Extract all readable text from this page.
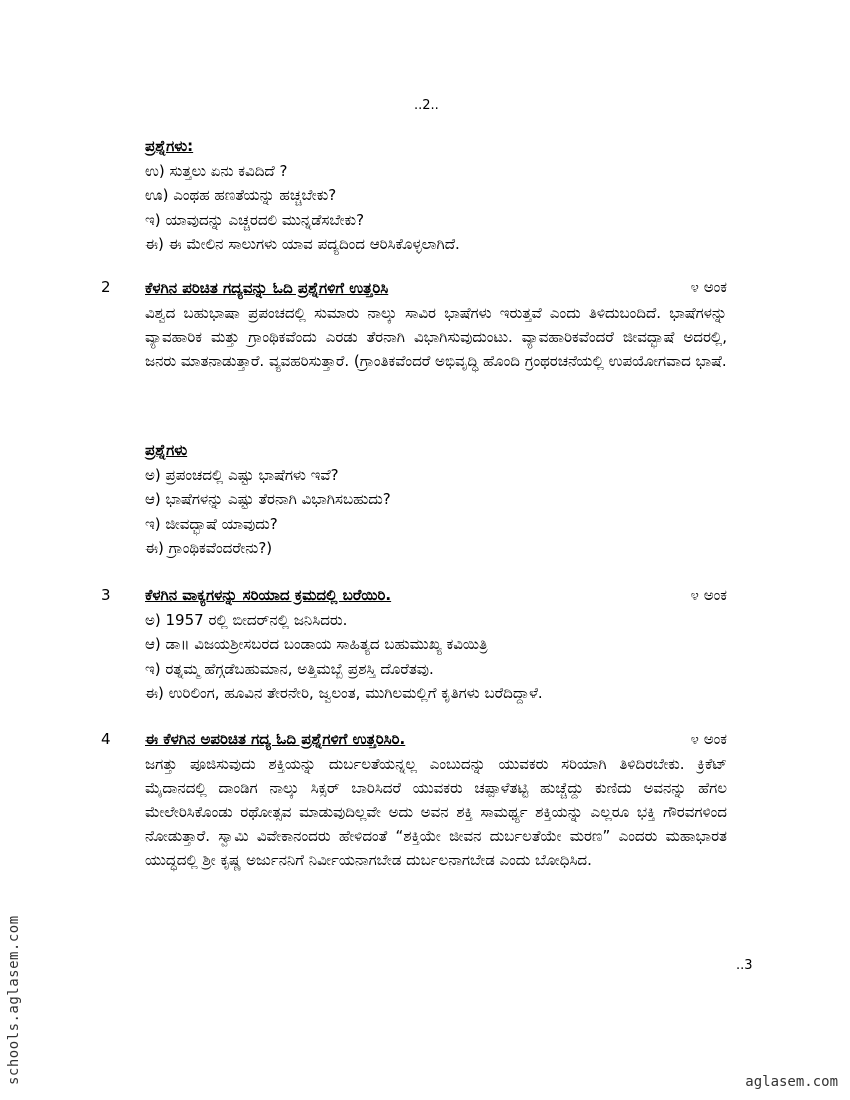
..2..
ಪ್ರಶ್ನೆಗಳು:
ಉ) ಸುತ್ತಲು ಏನು ಕವಿದಿದೆ ?
ಊ) ಎಂಥಹ ಹಣತೆಯನ್ನು ಹಚ್ಚಬೇಕು?
ಇ) ಯಾವುದನ್ನು ಎಚ್ಚರದಲಿ ಮುನ್ನಡೆಸಬೇಕು?
ಈ) ಈ ಮೇಲಿನ ಸಾಲುಗಳು ಯಾವ ಪದ್ಯದಿಂದ ಆರಿಸಿಕೊಳ್ಳಲಾಗಿದೆ.
2	೪ ಅಂಕ
ಕೆಳಗಿನ ಪರಿಚಿತ ಗದ್ಯವನ್ನು ಓದಿ ಪ್ರಶ್ನೆಗಳಿಗೆ ಉತ್ತರಿಸಿ
ವಿಶ್ವದ ಬಹುಭಾಷಾ ಪ್ರಪಂಚದಲ್ಲಿ ಸುಮಾರು ನಾಲ್ಕು ಸಾವಿರ ಭಾಷೆಗಳು ಇರುತ್ತವೆ ಎಂದು ತಿಳಿದುಬಂದಿದೆ. ಭಾಷೆಗಳನ್ನು ವ್ಯಾವಹಾರಿಕ ಮತ್ತು ಗ್ರಾಂಥಿಕವೆಂದು ಎರಡು ತೆರನಾಗಿ ವಿಭಾಗಿಸುವುದುಂಟು. ವ್ಯಾವಹಾರಿಕವೆಂದರೆ ಜೀವದ್ಭಾಷೆ ಅದರಲ್ಲಿ, ಜನರು ಮಾತನಾಡುತ್ತಾರೆ. ವ್ಯವಹರಿಸುತ್ತಾರೆ. (ಗ್ರಾಂತಿಕವೆಂದರೆ ಅಭಿವೃದ್ಧಿ ಹೊಂದಿ ಗ್ರಂಥರಚನೆಯಲ್ಲಿ ಉಪಯೋಗವಾದ ಭಾಷೆ.
ಪ್ರಶ್ನೆಗಳು
ಅ) ಪ್ರಪಂಚದಲ್ಲಿ ಎಷ್ಟು ಭಾಷೆಗಳು ಇವೆ?
ಆ) ಭಾಷೆಗಳನ್ನು ಎಷ್ಟು ತೆರನಾಗಿ ವಿಭಾಗಿಸಬಹುದು?
ಇ) ಜೀವದ್ಭಾಷೆ ಯಾವುದು?
ಈ) ಗ್ರಾಂಥಿಕವೆಂದರೇನು?)
3	೪ ಅಂಕ
ಕೆಳಗಿನ ವಾಕ್ಯಗಳನ್ನು ಸರಿಯಾದ ಕ್ರಮದಲ್ಲಿ ಬರೆಯಿರಿ.
ಅ) 1957 ರಲ್ಲಿ ಬೀದರ್‌ನಲ್ಲಿ ಜನಿಸಿದರು.
ಆ) ಡಾ॥ ವಿಜಯಶ್ರೀಸಬರದ ಬಂಡಾಯ ಸಾಹಿತ್ಯದ ಬಹುಮುಖ್ಯ ಕವಿಯಿತ್ರಿ
ಇ) ರತ್ನಮ್ಮ ಹೆಗ್ಗಡೆಬಹುಮಾನ, ಅತ್ತಿಮಬ್ಬೆ ಪ್ರಶಸ್ತಿ ದೊರೆತವು.
ಈ) ಉರಿಲಿಂಗ, ಹೂವಿನ ತೇರನೇರಿ, ಜ್ವಲಂತ, ಮುಗಿಲಮಲ್ಲಿಗೆ ಕೃತಿಗಳು ಬರೆದಿದ್ದಾಳೆ.
4	೪ ಅಂಕ
ಈ ಕೆಳಗಿನ ಅಪರಿಚಿತ ಗದ್ಯ ಓದಿ ಪ್ರಶ್ನೆಗಳಿಗೆ ಉತ್ತರಿಸಿರಿ.
ಜಗತ್ತು ಪೂಜಿಸುವುದು ಶಕ್ತಿಯನ್ನು ದುರ್ಬಲತೆಯನ್ನಲ್ಲ ಎಂಬುದನ್ನು ಯುವಕರು ಸರಿಯಾಗಿ ತಿಳಿದಿರಬೇಕು. ಕ್ರಿಕೆಟ್ ಮೈದಾನದಲ್ಲಿ ದಾಂಡಿಗ ನಾಲ್ಕು ಸಿಕ್ಸರ್ ಬಾರಿಸಿದರೆ ಯುವಕರು ಚಪ್ಪಾಳೆತಟ್ಟಿ ಹುಚ್ಚೆದ್ದು ಕುಣಿದು ಅವನನ್ನು ಹೆಗಲ ಮೇಲೇರಿಸಿಕೊಂಡು ರಥೋತ್ಸವ ಮಾಡುವುದಿಲ್ಲವೇ ಅದು ಅವನ ಶಕ್ತಿ ಸಾಮರ್ಥ್ಯ ಶಕ್ತಿಯನ್ನು ಎಲ್ಲರೂ ಭಕ್ತಿ ಗೌರವಗಳಿಂದ ನೋಡುತ್ತಾರೆ. ಸ್ವಾಮಿ ವಿವೇಕಾನಂದರು ಹೇಳಿದಂತೆ “ಶಕ್ತಿಯೇ ಜೀವನ ದುರ್ಬಲತೆಯೇ ಮರಣ” ಎಂದರು ಮಹಾಭಾರತ ಯುದ್ಧದಲ್ಲಿ ಶ್ರೀ ಕೃಷ್ಣ ಅರ್ಜುನನಿಗೆ ನಿರ್ವೀಯನಾಗಬೇಡ ದುರ್ಬಲನಾಗಬೇಡ ಎಂದು ಬೋಧಿಸಿದ.
..3
schools.aglasem.com	aglasem.com
